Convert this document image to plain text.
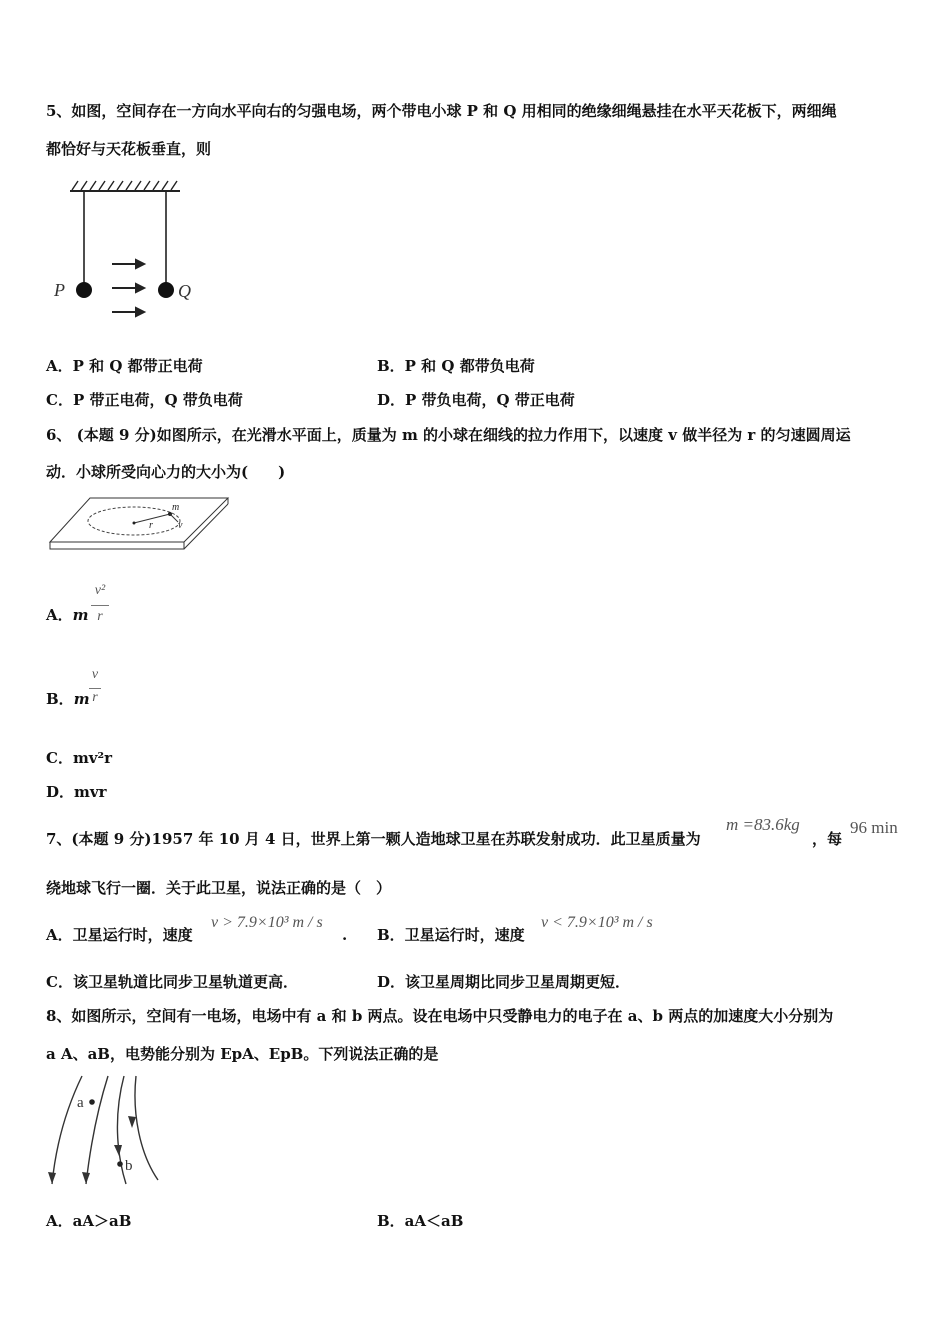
5、如图，空间存在一方向水平向右的匀强电场，两个带电小球 P 和 Q 用相同的绝缘细绳悬挂在水平天花板下，两细绳
都恰好与天花板垂直，则
P	Q
A．P 和 Q 都带正电荷	B．P 和 Q 都带负电荷
C．P 带正电荷，Q 带负电荷	D．P 带负电荷，Q 带正电荷
6、 (本题 9 分)如图所示，在光滑水平面上，质量为 m 的小球在细线的拉力作用下，以速度 v 做半径为 r 的匀速圆周运
动．小球所受向心力的大小为(　　)
m
r	v
A．m
v²
r
B．m
v
r
C．mv²r
D．mvr
7、(本题 9 分)1957 年 10 月 4 日，世界上第一颗人造地球卫星在苏联发射成功．此卫星质量为
m =83.6kg
，每
96 min
绕地球飞行一圈．关于此卫星，说法正确的是（　）
A．卫星运行时，速度
v > 7.9×10³ m / s
. B．卫星运行时，速度
v < 7.9×10³ m / s
C．该卫星轨道比同步卫星轨道更高．	D．该卫星周期比同步卫星周期更短．
8、如图所示，空间有一电场，电场中有 a 和 b 两点。设在电场中只受静电力的电子在 a、b 两点的加速度大小分别为
a A、aB，电势能分别为 EpA、EpB。下列说法正确的是
a
b
A．aA＞aB	B．aA＜aB
